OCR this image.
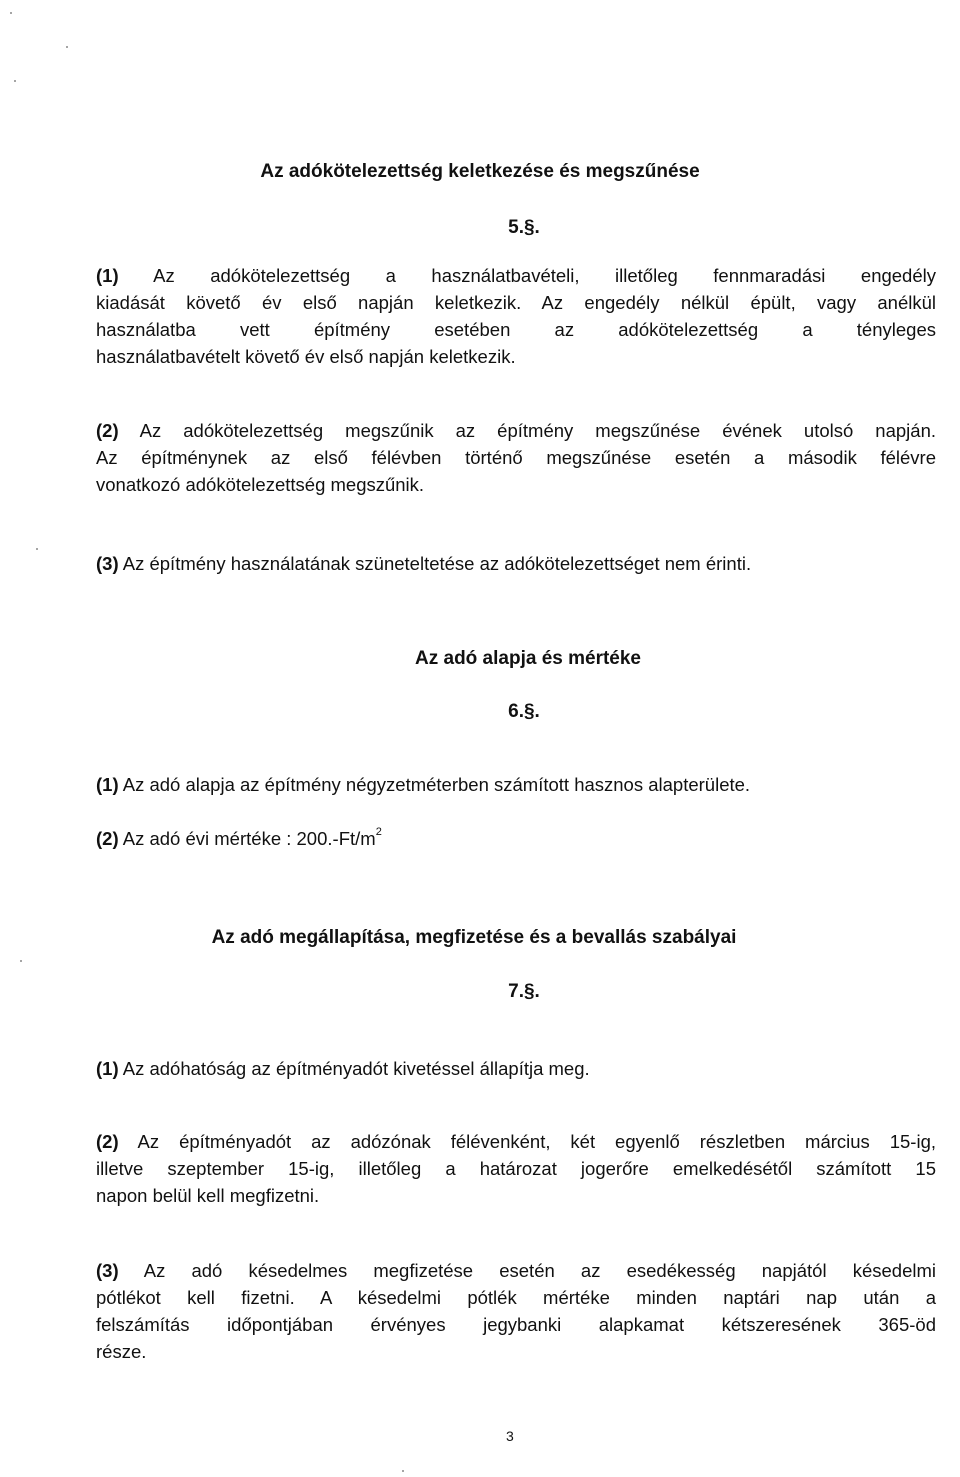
Az adókötelezettség keletkezése és megszűnése
5.§.
(1) Az adókötelezettség a használatbavételi, illetőleg fennmaradási engedély
kiadását követő év első napján keletkezik. Az engedély nélkül épült, vagy anélkül
használatba vett építmény esetében az adókötelezettség a tényleges
használatbavételt követő év első napján keletkezik.
(2) Az adókötelezettség megszűnik az építmény megszűnése évének utolsó napján.
Az építménynek az első félévben történő megszűnése esetén a második félévre
vonatkozó adókötelezettség megszűnik.
(3) Az építmény használatának szüneteltetése az adókötelezettséget nem érinti.
Az adó alapja és mértéke
6.§.
(1) Az adó alapja az építmény négyzetméterben számított hasznos alapterülete.
(2) Az adó évi mértéke : $200.-Ft/m^2$
Az adó megállapítása, megfizetése és a bevallás szabályai
7.§.
(1) Az adóhatóság az építményadót kivetéssel állapítja meg.
(2) Az építményadót az adózónak félévenként, két egyenlő részletben március 15-ig,
illetve szeptember 15-ig, illetőleg a határozat jogerőre emelkedésétől számított 15
napon belül kell megfizetni.
(3) Az adó késedelmes megfizetése esetén az esedékesség napjától késedelmi
pótlékot kell fizetni. A késedelmi pótlék mértéke minden naptári nap után a
felszámítás időpontjában érvényes jegybanki alapkamat kétszeresének 365-öd
része.
3
